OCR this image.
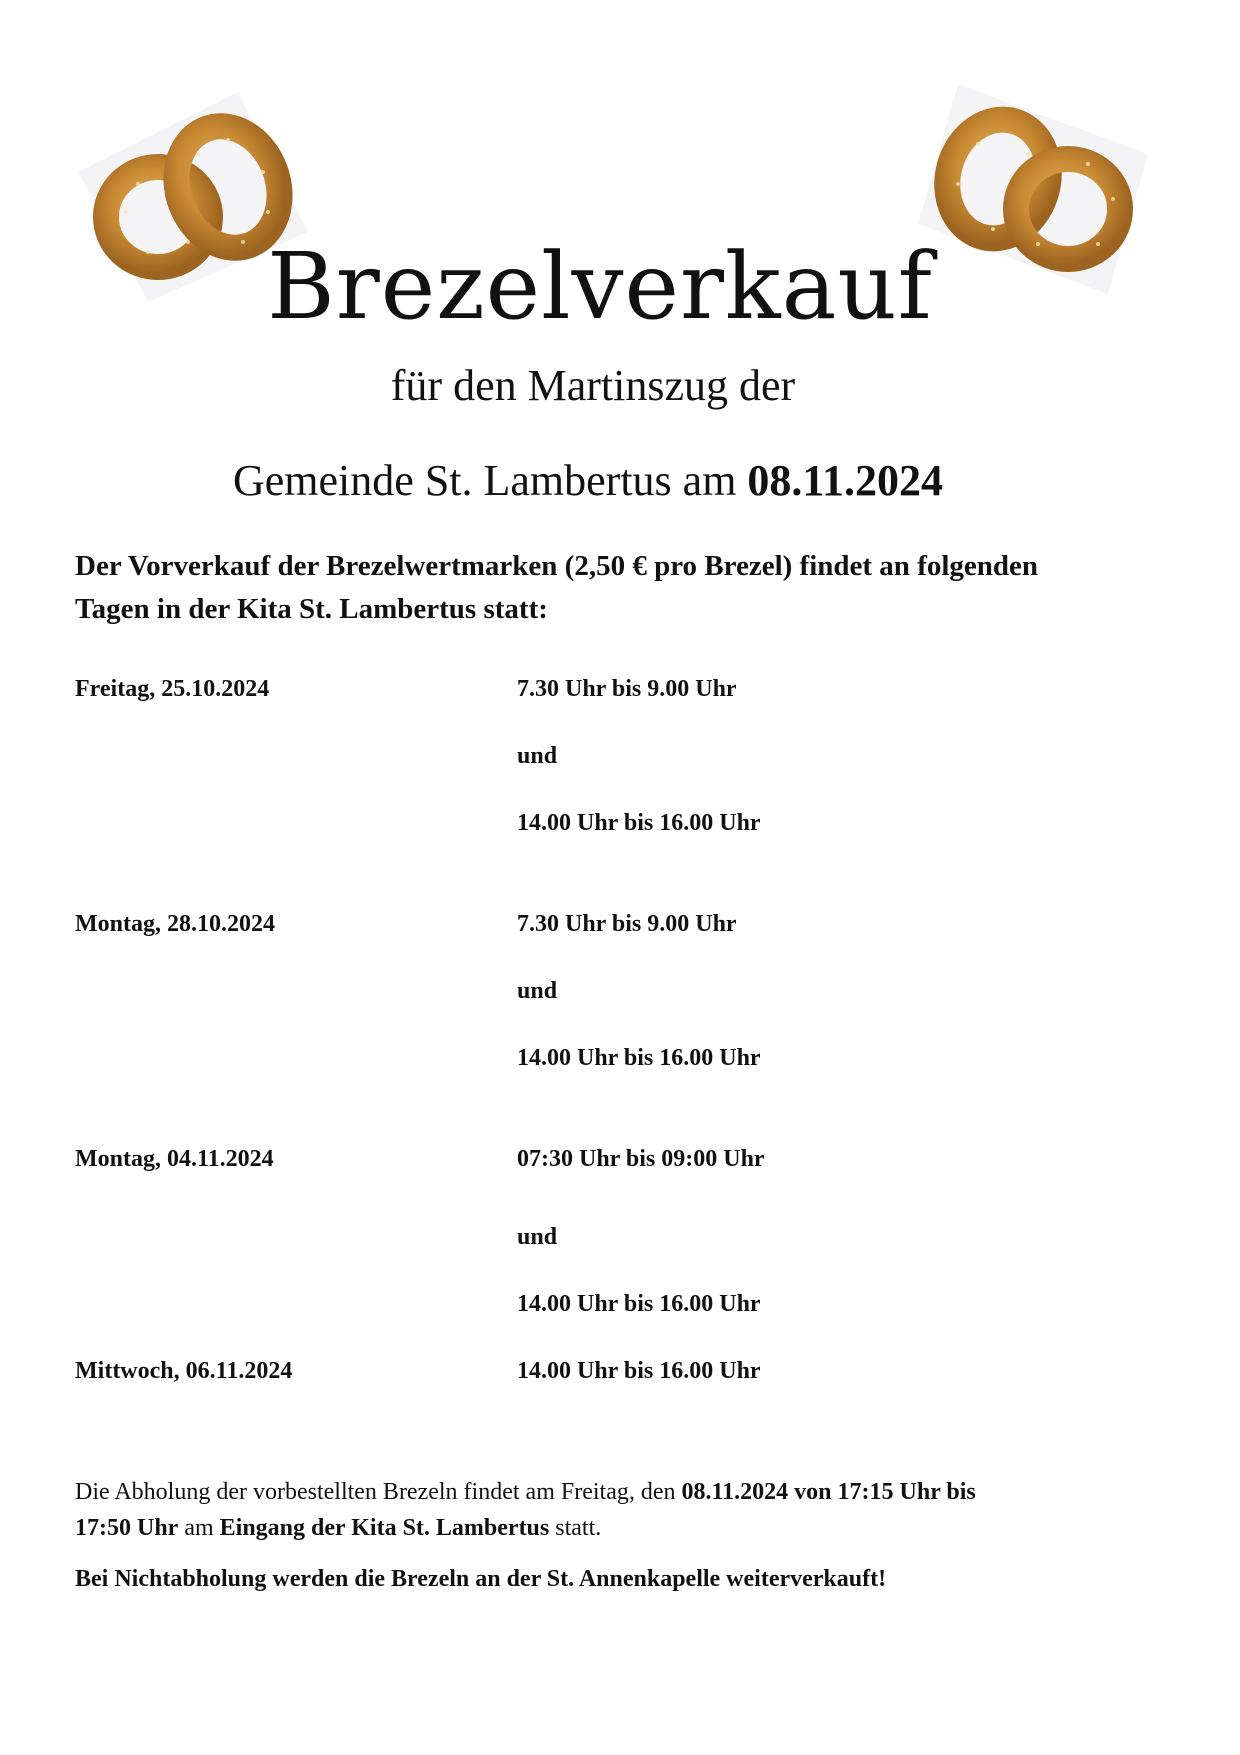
Brezelverkauf
für den Martinszug der
Gemeinde St. Lambertus am 08.11.2024
Der Vorverkauf der Brezelwertmarken (2,50 € pro Brezel) findet an folgenden
Tagen in der Kita St. Lambertus statt:
Freitag, 25.10.2024	7.30 Uhr bis 9.00 Uhr
und
14.00 Uhr bis 16.00 Uhr
Montag, 28.10.2024	7.30 Uhr bis 9.00 Uhr
und
14.00 Uhr bis 16.00 Uhr
Montag, 04.11.2024	07:30 Uhr bis 09:00 Uhr
und
14.00 Uhr bis 16.00 Uhr
Mittwoch, 06.11.2024	14.00 Uhr bis 16.00 Uhr
Die Abholung der vorbestellten Brezeln findet am Freitag, den 08.11.2024 von 17:15 Uhr bis
17:50 Uhr am Eingang der Kita St. Lambertus statt.
Bei Nichtabholung werden die Brezeln an der St. Annenkapelle weiterverkauft!
